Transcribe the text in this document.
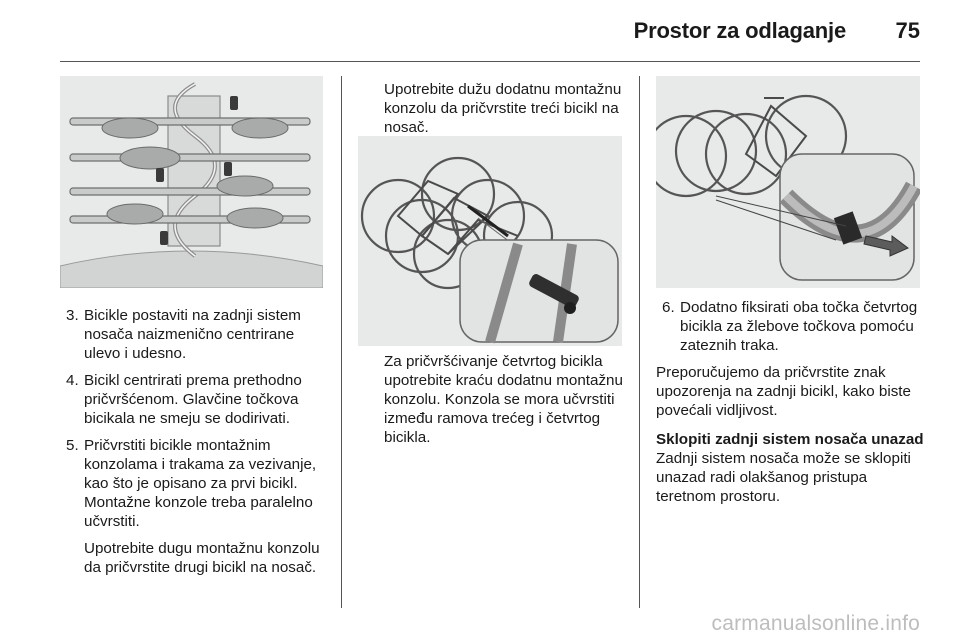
Prostor za odlaganje 75
3. Bicikle postaviti na zadnji sistem nosača naizmenično centrirane ulevo i udesno.
4. Bicikl centrirati prema prethodno pričvršćenom. Glavčine točkova bicikala ne smeju se dodirivati.
5. Pričvrstiti bicikle montažnim konzolama i trakama za vezivanje, kao što je opisano za prvi bicikl. Montažne konzole treba paralelno učvrstiti.
Upotrebite dugu montažnu konzolu da pričvrstite drugi bicikl na nosač.

Upotrebite dužu dodatnu montažnu konzolu da pričvrstite treći bicikl na nosač.

Za pričvršćivanje četvrtog bicikla upotrebite kraću dodatnu montažnu konzolu. Konzola se mora učvrstiti između ramova trećeg i četvrtog bicikla.

6. Dodatno fiksirati oba točka četvrtog bicikla za žlebove točkova pomoću zateznih traka.

Preporučujemo da pričvrstite znak upozorenja na zadnji bicikl, kako biste povećali vidljivost.

Sklopiti zadnji sistem nosača unazad

Zadnji sistem nosača može se sklopiti unazad radi olakšanog pristupa teretnom prostoru.

carmanualsonline.info
